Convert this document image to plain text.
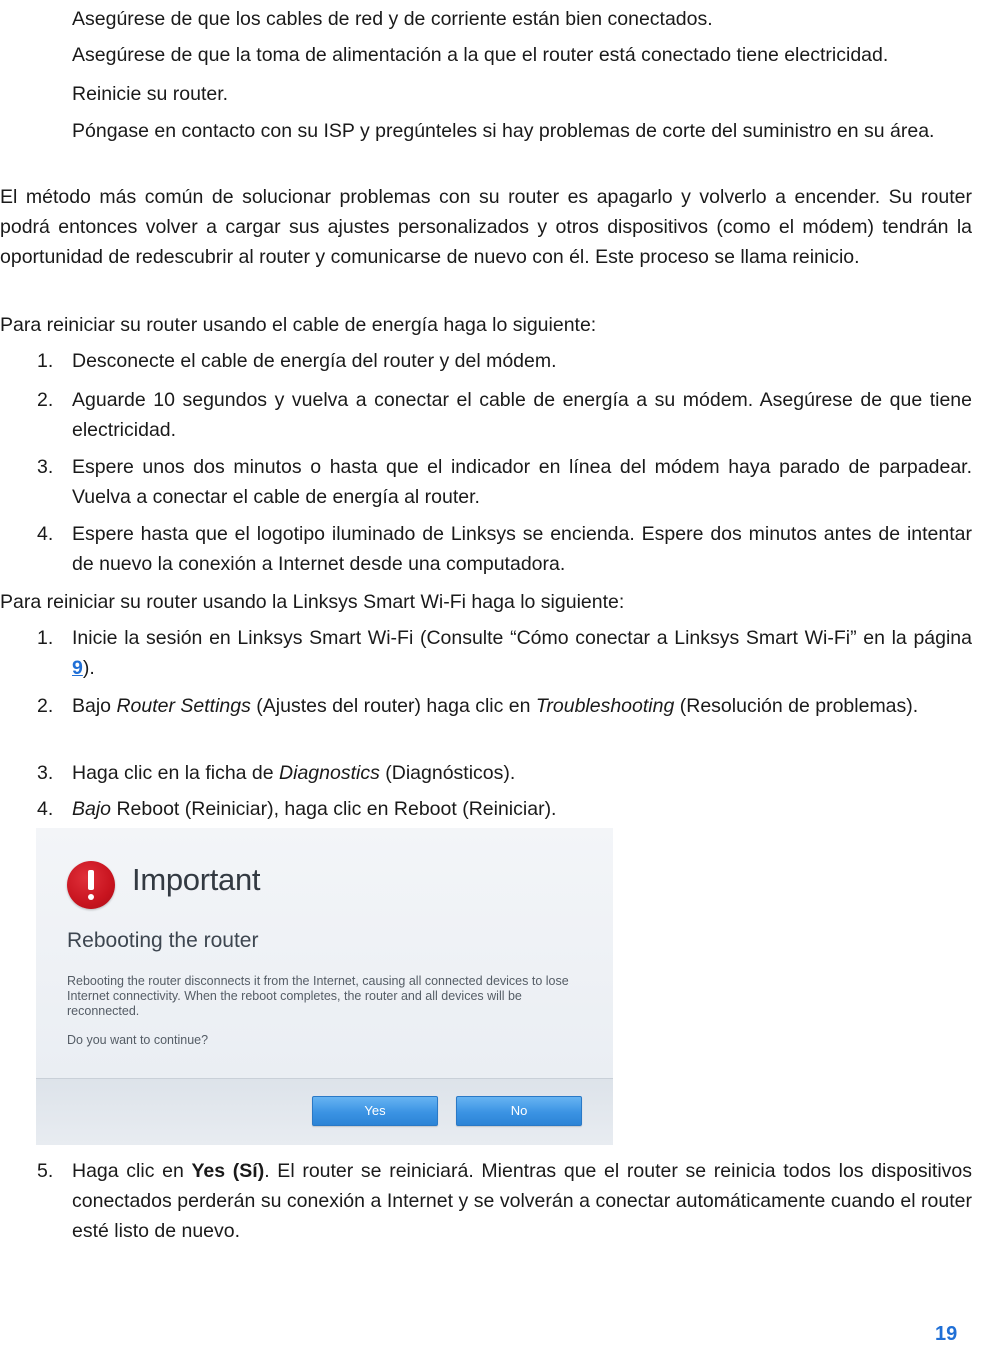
Asegúrese de que los cables de red y de corriente están bien conectados.
Asegúrese de que la toma de alimentación a la que el router está conectado tiene electricidad.
Reinicie su router.
Póngase en contacto con su ISP y pregúnteles si hay problemas de corte del suministro en su área.
El método más común de solucionar problemas con su router es apagarlo y volverlo a encender. Su router podrá entonces volver a cargar sus ajustes personalizados y otros dispositivos (como el módem) tendrán la oportunidad de redescubrir al router y comunicarse de nuevo con él. Este proceso se llama reinicio.
Para reiniciar su router usando el cable de energía haga lo siguiente:
1. Desconecte el cable de energía del router y del módem.
2. Aguarde 10 segundos y vuelva a conectar el cable de energía a su módem. Asegúrese de que tiene electricidad.
3. Espere unos dos minutos o hasta que el indicador en línea del módem haya parado de parpadear. Vuelva a conectar el cable de energía al router.
4. Espere hasta que el logotipo iluminado de Linksys se encienda. Espere dos minutos antes de intentar de nuevo la conexión a Internet desde una computadora.
Para reiniciar su router usando la Linksys Smart Wi-Fi haga lo siguiente:
1. Inicie la sesión en Linksys Smart Wi-Fi (Consulte “Cómo conectar a Linksys Smart Wi-Fi” en la página 9).
2. Bajo Router Settings (Ajustes del router) haga clic en Troubleshooting (Resolución de problemas).
3. Haga clic en la ficha de Diagnostics (Diagnósticos).
4. Bajo Reboot (Reiniciar), haga clic en Reboot (Reiniciar).
Important
Rebooting the router
Rebooting the router disconnects it from the Internet, causing all connected devices to lose Internet connectivity. When the reboot completes, the router and all devices will be reconnected.
Do you want to continue?
Yes	No
5. Haga clic en Yes (Sí). El router se reiniciará. Mientras que el router se reinicia todos los dispositivos conectados perderán su conexión a Internet y se volverán a conectar automáticamente cuando el router esté listo de nuevo.
19
